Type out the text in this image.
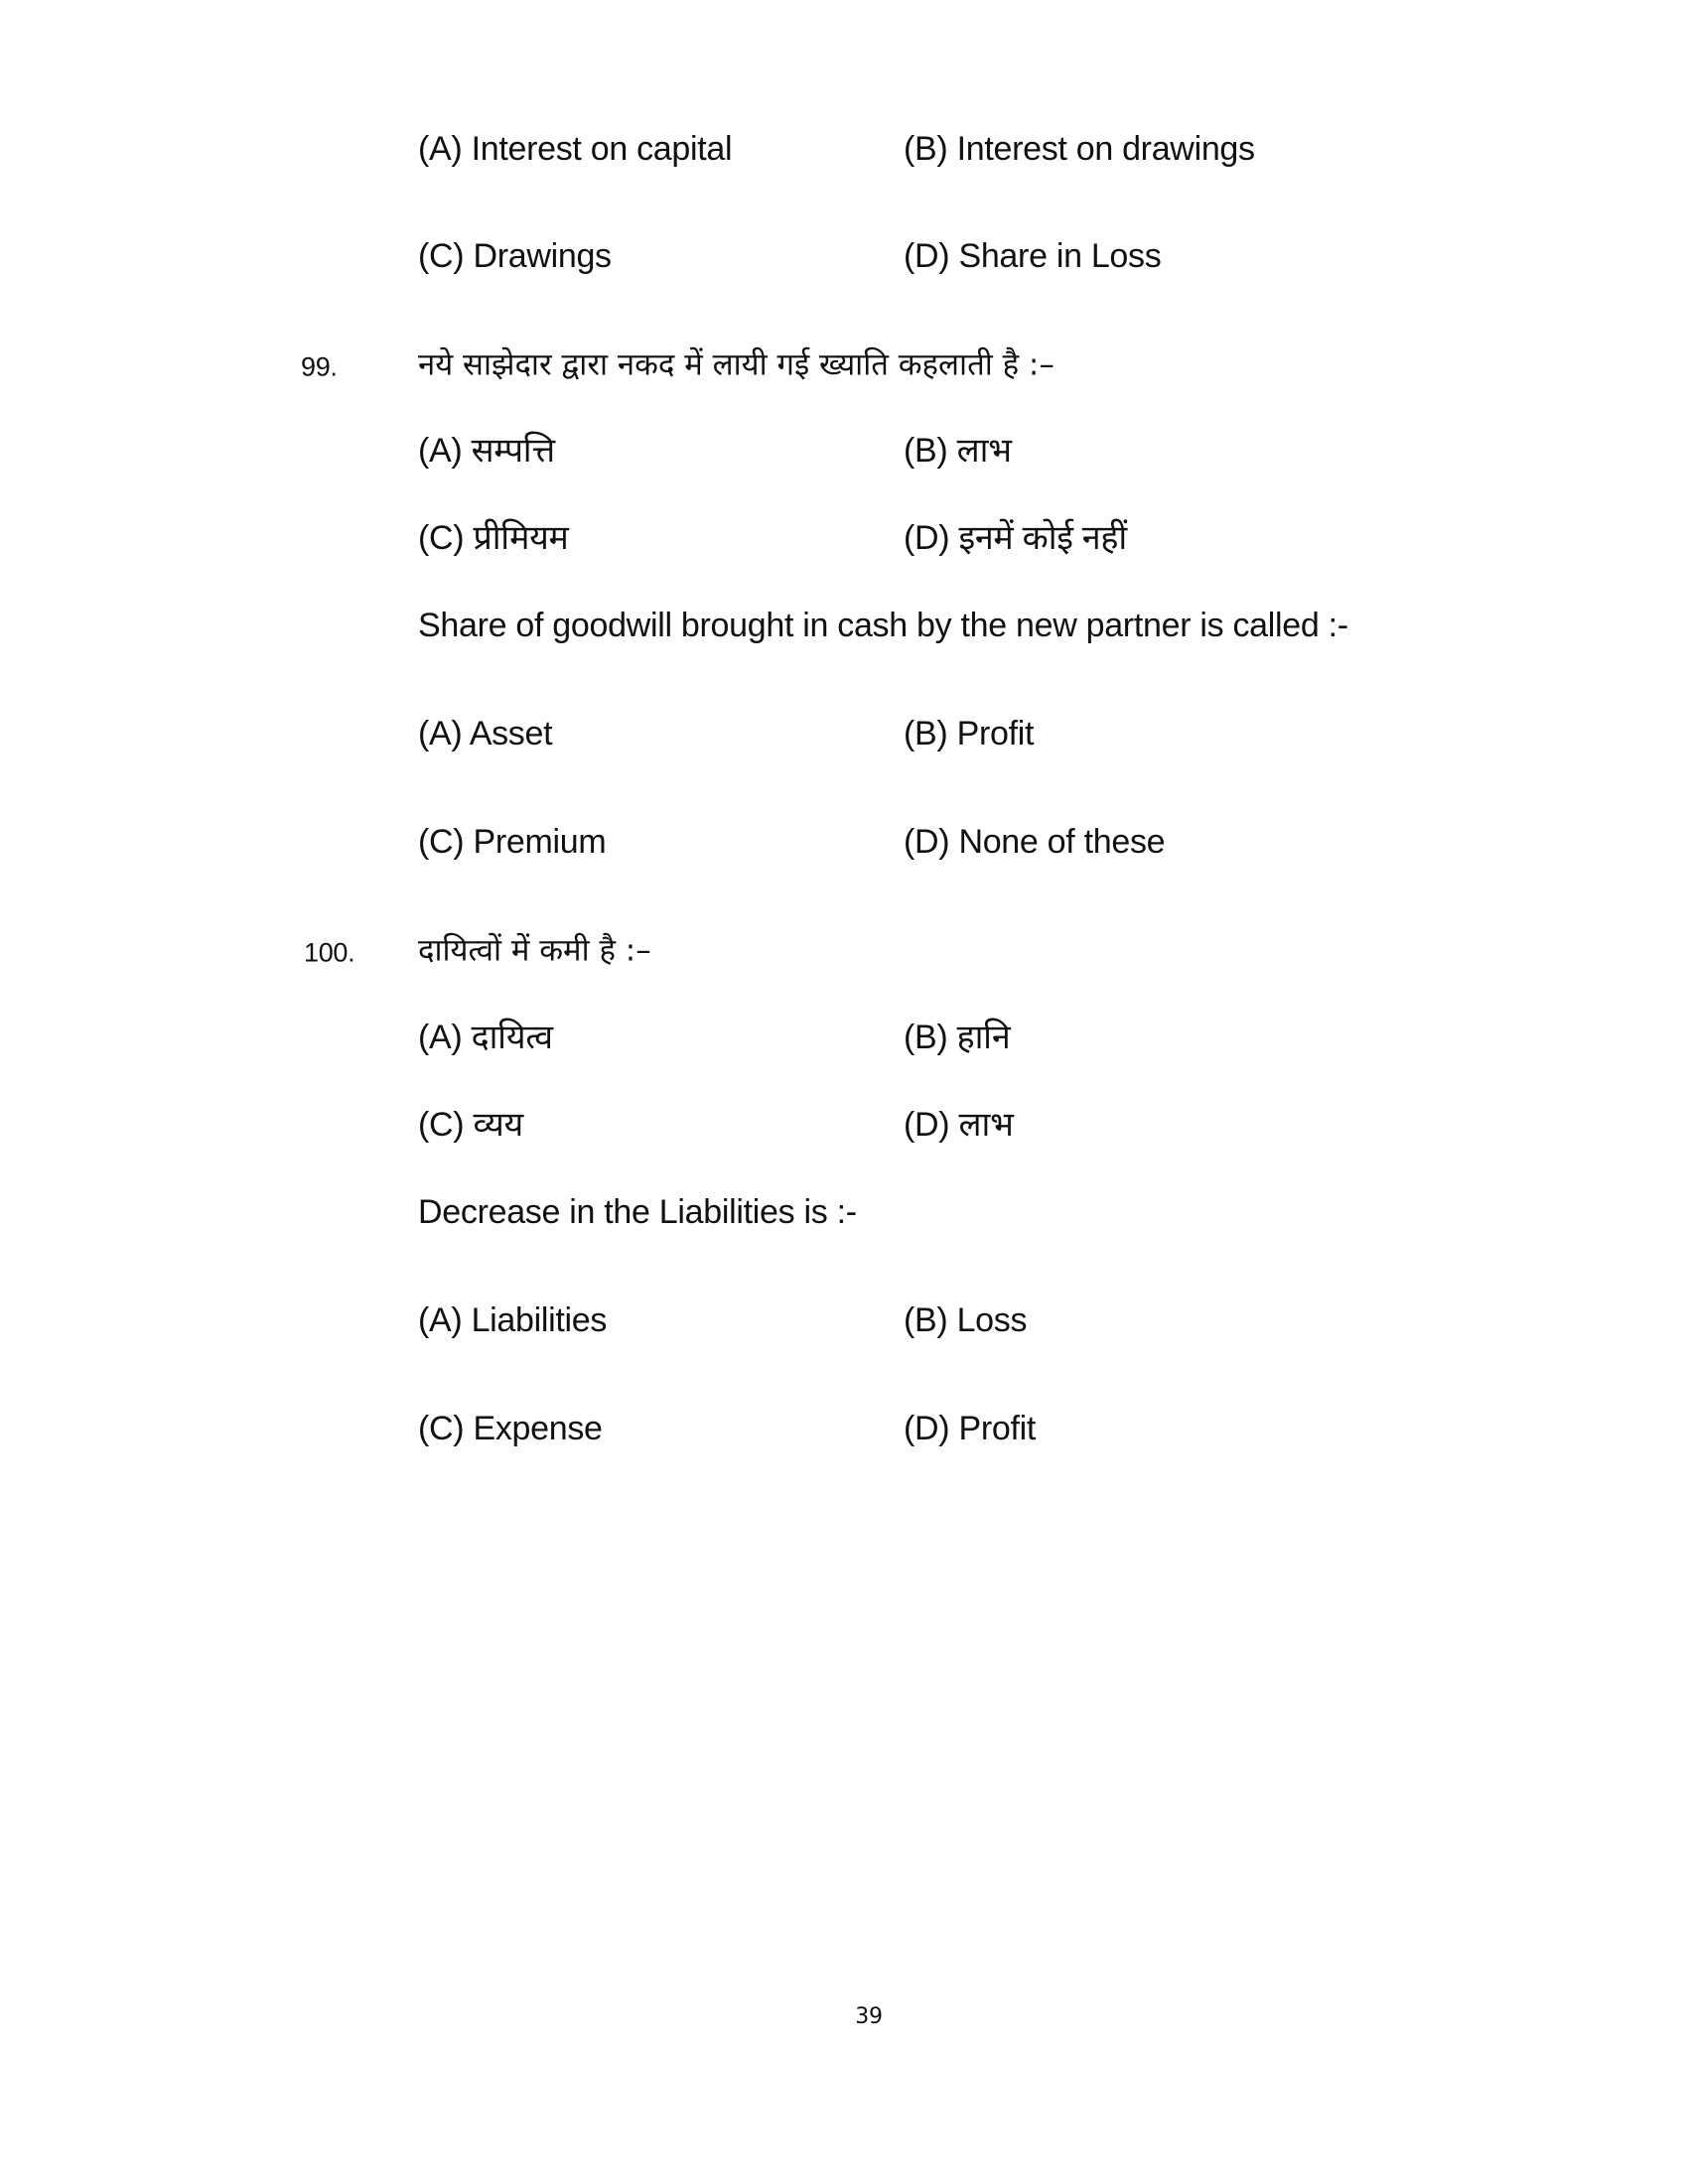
(A) Interest on capital	(B) Interest on drawings
(C) Drawings	(D) Share in Loss
99.	नये साझेदार द्वारा नकद में लायी गई ख्याति कहलाती है :–
(A) सम्पत्ति	(B) लाभ
(C) प्रीमियम	(D) इनमें कोई नहीं
Share of goodwill brought in cash by the new partner is called :-
(A) Asset	(B) Profit
(C) Premium	(D) None of these
100. दायित्वों में कमी है :–
(A) दायित्व	(B) हानि
(C) व्यय	(D) लाभ
Decrease in the Liabilities is :-
(A) Liabilities	(B) Loss
(C) Expense	(D) Profit
39
